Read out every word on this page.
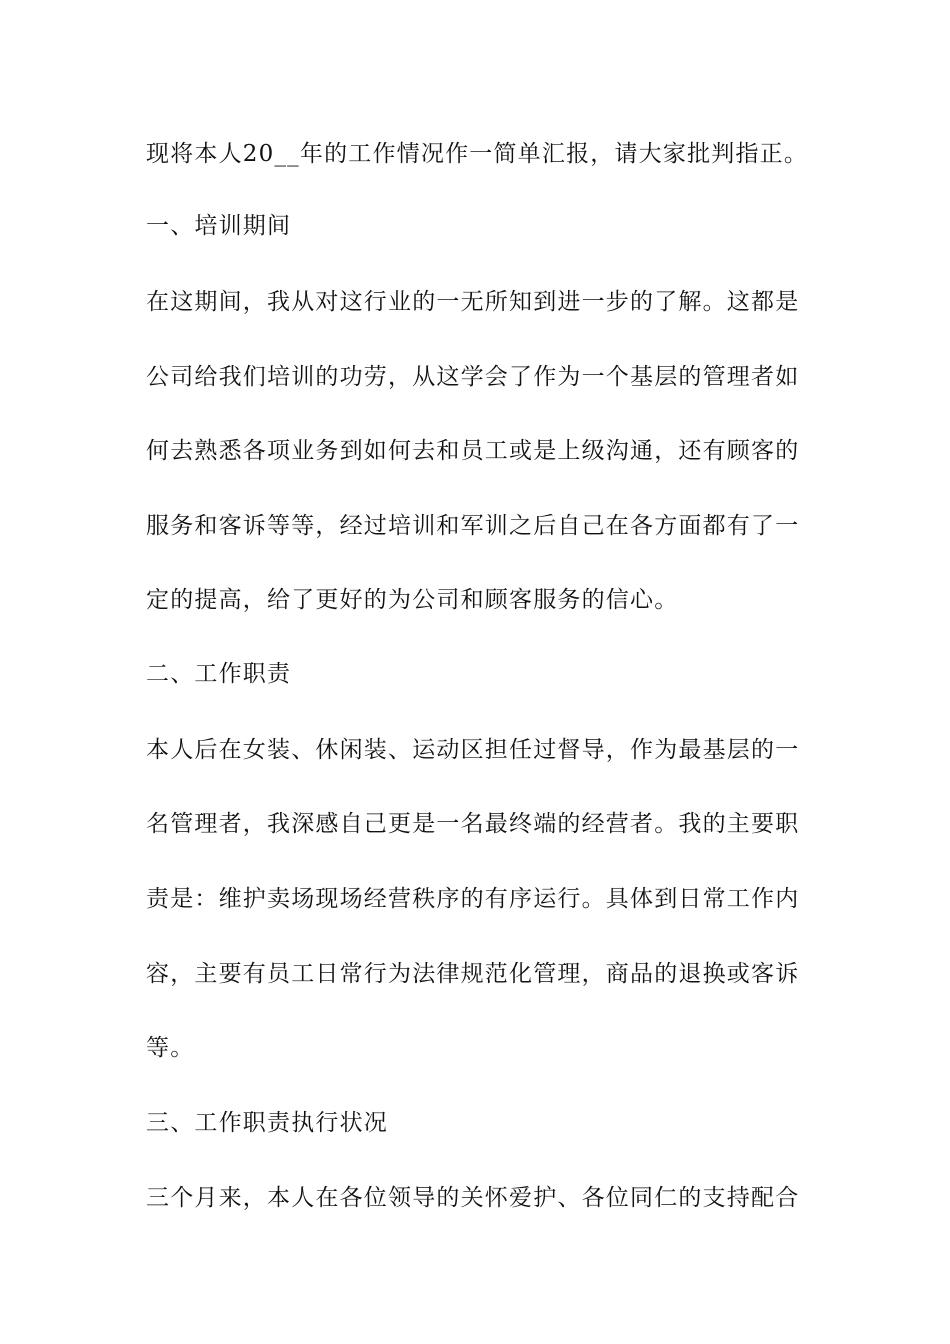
现将本人20__年的工作情况作一简单汇报，请大家批判指正。
一、培训期间
在这期间，我从对这行业的一无所知到进一步的了解。这都是
公司给我们培训的功劳，从这学会了作为一个基层的管理者如
何去熟悉各项业务到如何去和员工或是上级沟通，还有顾客的
服务和客诉等等，经过培训和军训之后自己在各方面都有了一
定的提高，给了更好的为公司和顾客服务的信心。
二、工作职责
本人后在女装、休闲装、运动区担任过督导，作为最基层的一
名管理者，我深感自己更是一名最终端的经营者。我的主要职
责是：维护卖场现场经营秩序的有序运行。具体到日常工作内
容，主要有员工日常行为法律规范化管理，商品的退换或客诉
等。
三、工作职责执行状况
三个月来，本人在各位领导的关怀爱护、各位同仁的支持配合
